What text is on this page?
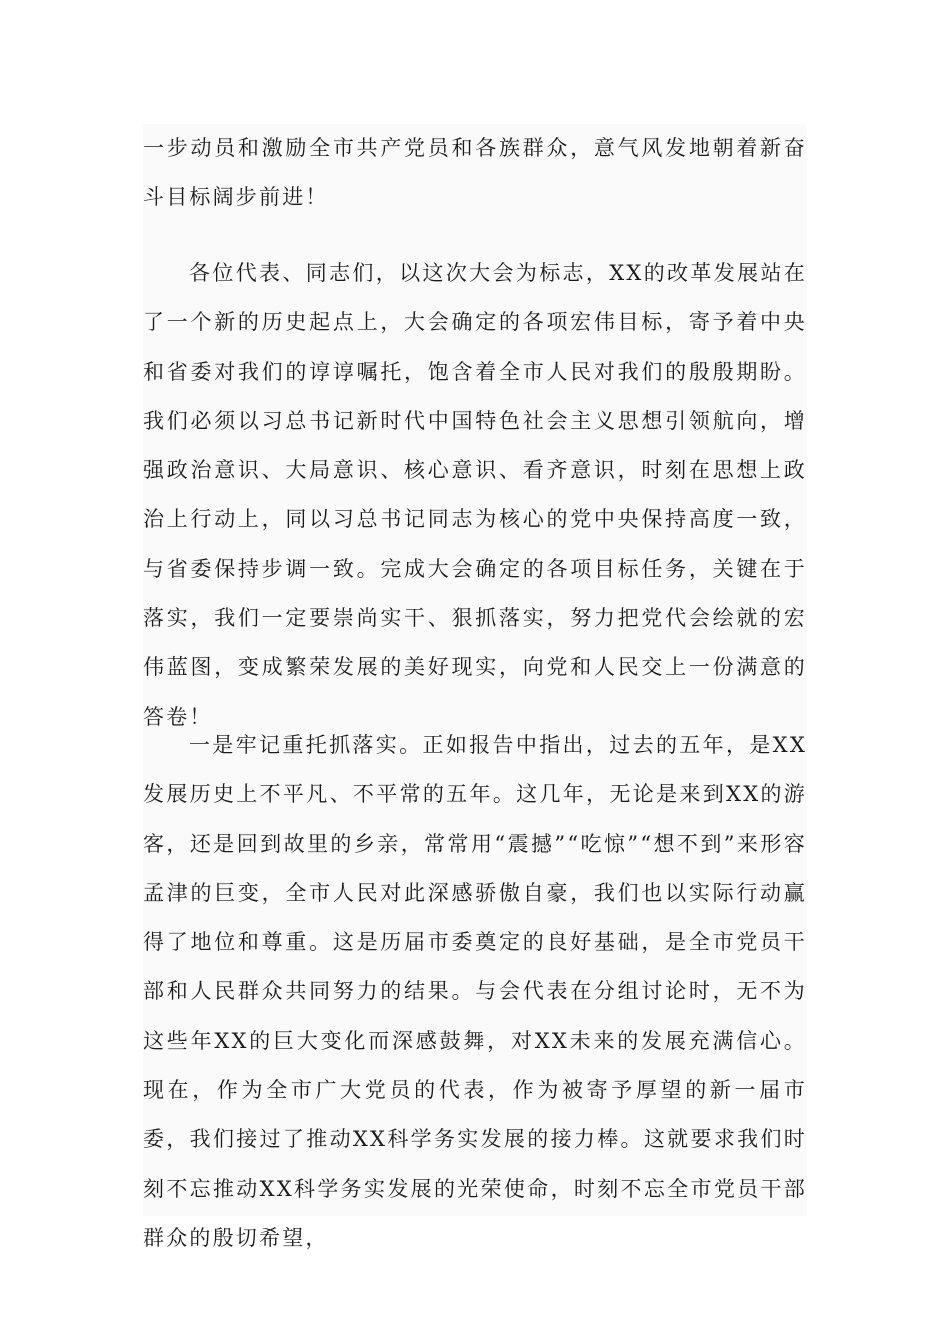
一步动员和激励全市共产党员和各族群众，意气风发地朝着新奋斗目标阔步前进！

各位代表、同志们，以这次大会为标志，XX的改革发展站在了一个新的历史起点上，大会确定的各项宏伟目标，寄予着中央和省委对我们的谆谆嘱托，饱含着全市人民对我们的殷殷期盼。我们必须以习总书记新时代中国特色社会主义思想引领航向，增强政治意识、大局意识、核心意识、看齐意识，时刻在思想上政治上行动上，同以习总书记同志为核心的党中央保持高度一致，与省委保持步调一致。完成大会确定的各项目标任务，关键在于落实，我们一定要崇尚实干、狠抓落实，努力把党代会绘就的宏伟蓝图，变成繁荣发展的美好现实，向党和人民交上一份满意的答卷！

一是牢记重托抓落实。正如报告中指出，过去的五年，是XX发展历史上不平凡、不平常的五年。这几年，无论是来到XX的游客，还是回到故里的乡亲，常常用“震撼”“吃惊”“想不到”来形容孟津的巨变，全市人民对此深感骄傲自豪，我们也以实际行动赢得了地位和尊重。这是历届市委奠定的良好基础，是全市党员干部和人民群众共同努力的结果。与会代表在分组讨论时，无不为这些年XX的巨大变化而深感鼓舞，对XX未来的发展充满信心。现在，作为全市广大党员的代表，作为被寄予厚望的新一届市委，我们接过了推动XX科学务实发展的接力棒。这就要求我们时刻不忘推动XX科学务实发展的光荣使命，时刻不忘全市党员干部群众的殷切希望，
